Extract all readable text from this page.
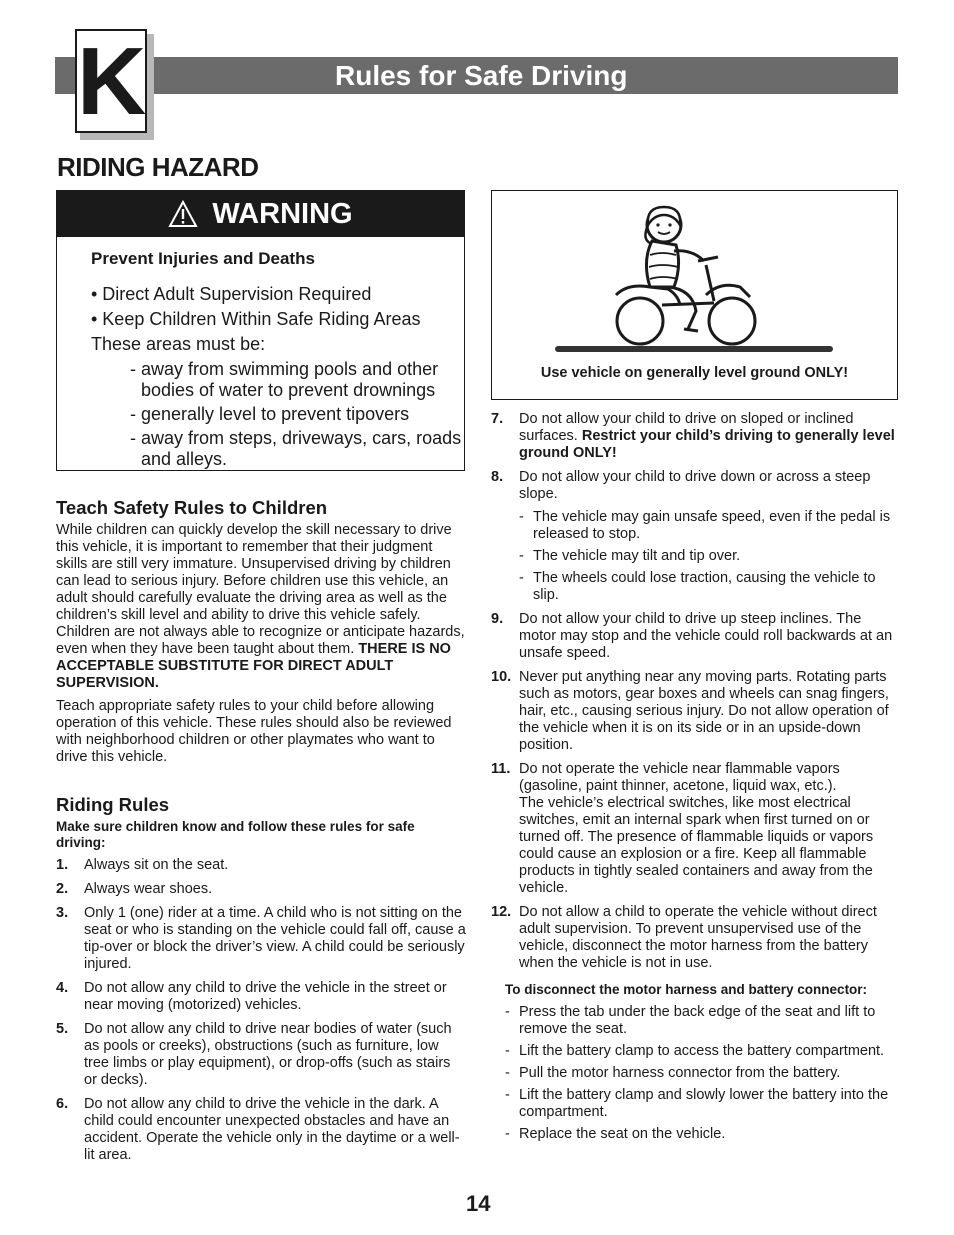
Rules for Safe Driving
K
RIDING HAZARD
WARNING
Prevent Injuries and Deaths
• Direct Adult Supervision Required
• Keep Children Within Safe Riding Areas
These areas must be:
- away from swimming pools and other bodies of water to prevent drownings
- generally level to prevent tipovers
- away from steps, driveways, cars, roads and alleys.
Teach Safety Rules to Children

While children can quickly develop the skill necessary to drive this vehicle, it is important to remember that their judgment skills are still very immature. Unsupervised driving by children can lead to serious injury. Before children use this vehicle, an adult should carefully evaluate the driving area as well as the children’s skill level and ability to drive this vehicle safely. Children are not always able to recognize or anticipate hazards, even when they have been taught about them. THERE IS NO ACCEPTABLE SUBSTITUTE FOR DIRECT ADULT SUPERVISION.

Teach appropriate safety rules to your child before allowing operation of this vehicle. These rules should also be reviewed with neighborhood children or other playmates who want to drive this vehicle.

Riding Rules

Make sure children know and follow these rules for safe driving:

1. Always sit on the seat.
2. Always wear shoes.
3. Only 1 (one) rider at a time. A child who is not sitting on the seat or who is standing on the vehicle could fall off, cause a tip-over or block the driver’s view. A child could be seriously injured.
4. Do not allow any child to drive the vehicle in the street or near moving (motorized) vehicles.
5. Do not allow any child to drive near bodies of water (such as pools or creeks), obstructions (such as furniture, low tree limbs or play equipment), or drop-offs (such as stairs or decks).
6. Do not allow any child to drive the vehicle in the dark. A child could encounter unexpected obstacles and have an accident. Operate the vehicle only in the daytime or a well-lit area.
Use vehicle on generally level ground ONLY!
7. Do not allow your child to drive on sloped or inclined surfaces. Restrict your child’s driving to generally level ground ONLY!
8. Do not allow your child to drive down or across a steep slope.
- The vehicle may gain unsafe speed, even if the pedal is released to stop.
- The vehicle may tilt and tip over.
- The wheels could lose traction, causing the vehicle to slip.
9. Do not allow your child to drive up steep inclines. The motor may stop and the vehicle could roll backwards at an unsafe speed.
10. Never put anything near any moving parts. Rotating parts such as motors, gear boxes and wheels can snag fingers, hair, etc., causing serious injury. Do not allow operation of the vehicle when it is on its side or in an upside-down position.
11. Do not operate the vehicle near flammable vapors (gasoline, paint thinner, acetone, liquid wax, etc.).
The vehicle’s electrical switches, like most electrical switches, emit an internal spark when first turned on or turned off. The presence of flammable liquids or vapors could cause an explosion or a fire. Keep all flammable products in tightly sealed containers and away from the vehicle.
12. Do not allow a child to operate the vehicle without direct adult supervision. To prevent unsupervised use of the vehicle, disconnect the motor harness from the battery when the vehicle is not in use.
To disconnect the motor harness and battery connector:
- Press the tab under the back edge of the seat and lift to remove the seat.
- Lift the battery clamp to access the battery compartment.
- Pull the motor harness connector from the battery.
- Lift the battery clamp and slowly lower the battery into the compartment.
- Replace the seat on the vehicle.
14
